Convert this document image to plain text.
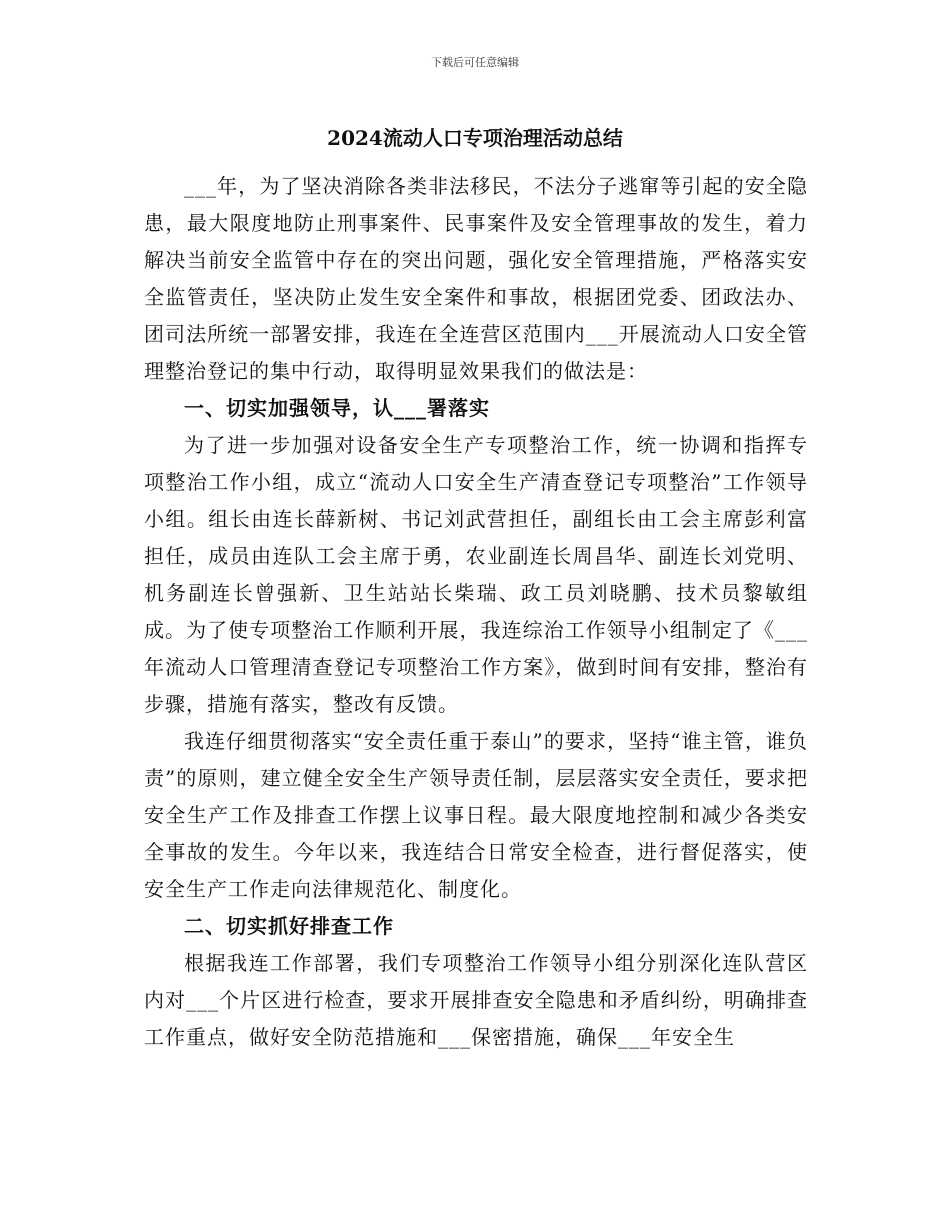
下载后可任意编辑
2024流动人口专项治理活动总结

___年，为了坚决消除各类非法移民，不法分子逃窜等引起的安全隐患，最大限度地防止刑事案件、民事案件及安全管理事故的发生，着力解决当前安全监管中存在的突出问题，强化安全管理措施，严格落实安全监管责任，坚决防止发生安全案件和事故，根据团党委、团政法办、团司法所统一部署安排，我连在全连营区范围内___开展流动人口安全管理整治登记的集中行动，取得明显效果我们的做法是：

一、切实加强领导，认___署落实

为了进一步加强对设备安全生产专项整治工作，统一协调和指挥专项整治工作小组，成立“流动人口安全生产清查登记专项整治”工作领导小组。组长由连长薛新树、书记刘武营担任，副组长由工会主席彭利富担任，成员由连队工会主席于勇，农业副连长周昌华、副连长刘党明、机务副连长曾强新、卫生站站长柴瑞、政工员刘晓鹏、技术员黎敏组成。为了使专项整治工作顺利开展，我连综治工作领导小组制定了《___年流动人口管理清查登记专项整治工作方案》，做到时间有安排，整治有步骤，措施有落实，整改有反馈。

我连仔细贯彻落实“安全责任重于泰山”的要求，坚持“谁主管，谁负责”的原则，建立健全安全生产领导责任制，层层落实安全责任，要求把安全生产工作及排查工作摆上议事日程。最大限度地控制和减少各类安全事故的发生。今年以来，我连结合日常安全检查，进行督促落实，使安全生产工作走向法律规范化、制度化。

二、切实抓好排查工作

根据我连工作部署，我们专项整治工作领导小组分别深化连队营区内对___个片区进行检查，要求开展排查安全隐患和矛盾纠纷，明确排查工作重点，做好安全防范措施和___保密措施，确保___年安全生
